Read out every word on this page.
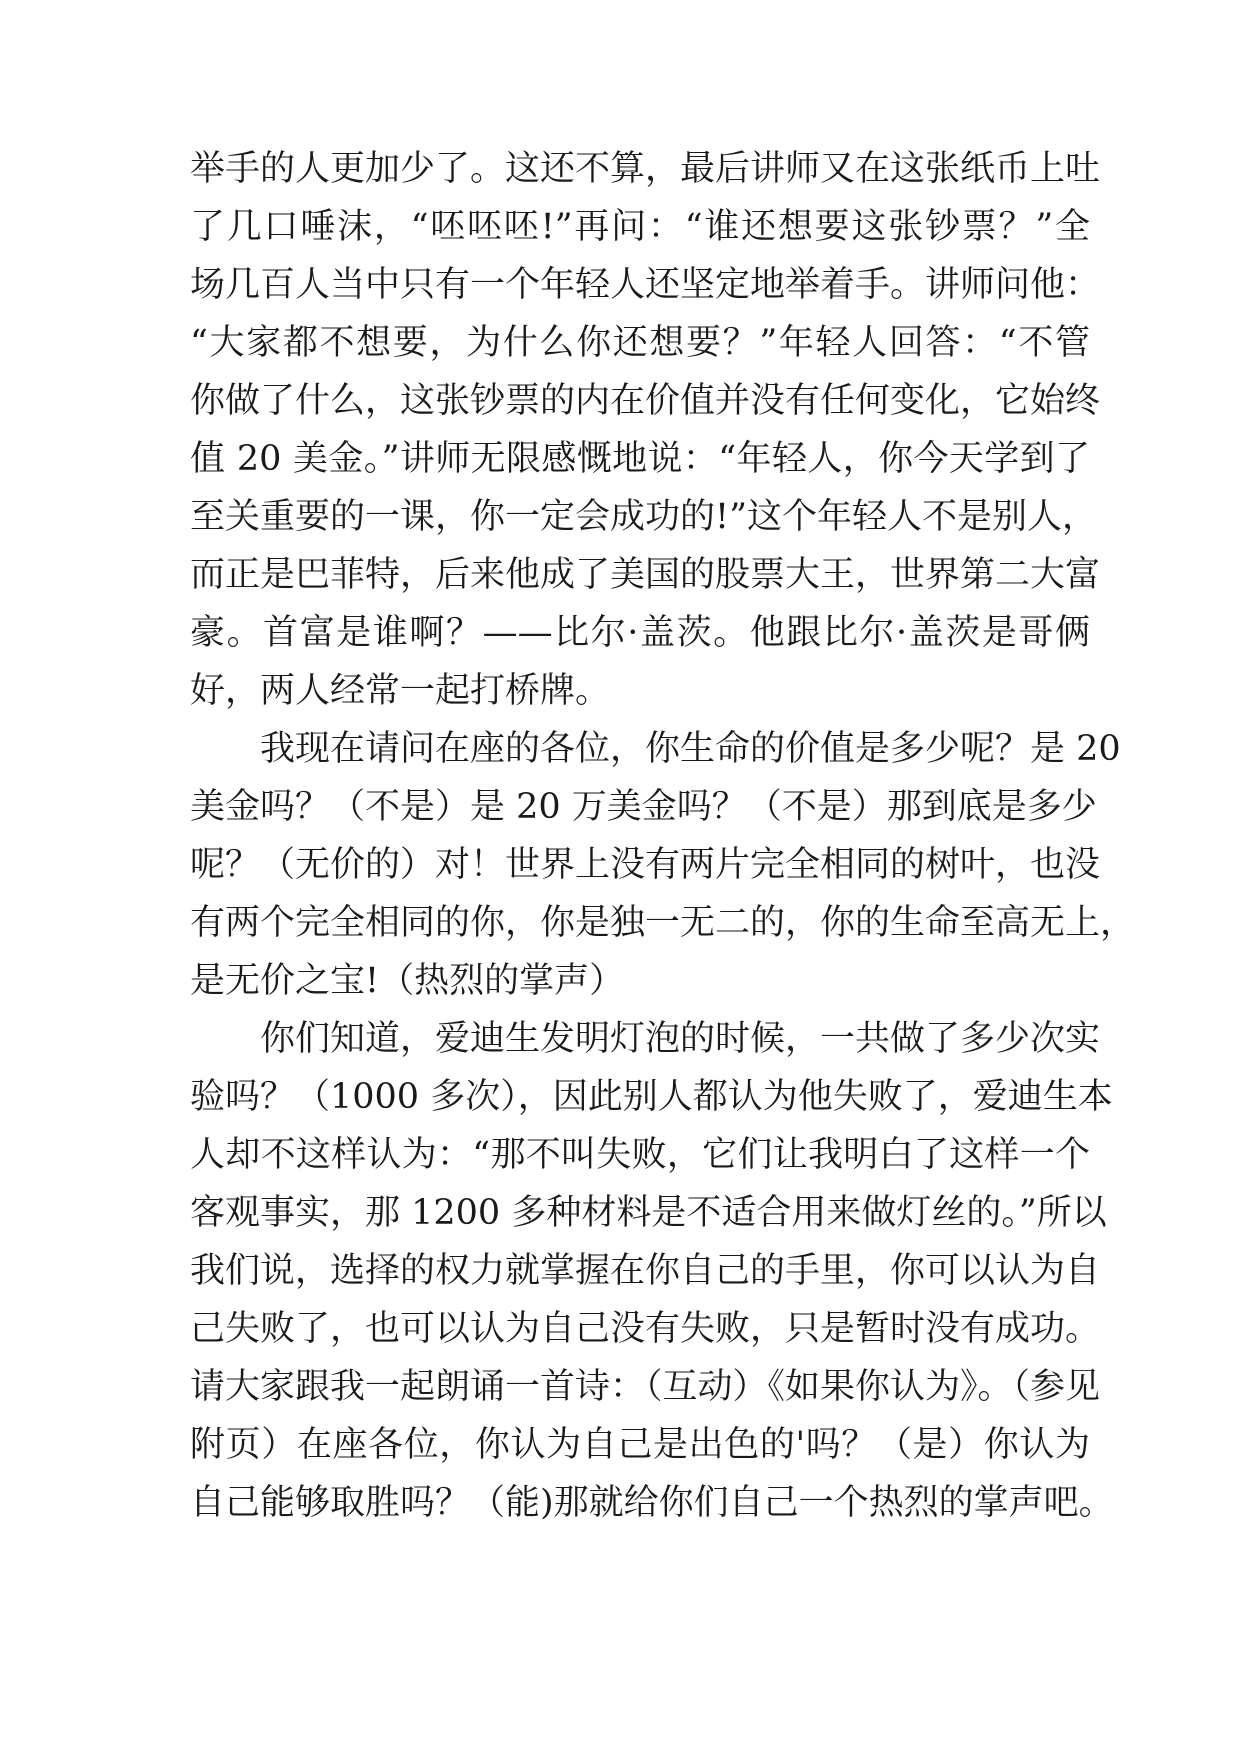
举手的人更加少了。这还不算，最后讲师又在这张纸币上吐
了几口唾沫，“呸呸呸!”再问：“谁还想要这张钞票？”全
场几百人当中只有一个年轻人还坚定地举着手。讲师问他：
“大家都不想要，为什么你还想要？”年轻人回答：“不管
你做了什么，这张钞票的内在价值并没有任何变化，它始终
值 20 美金。”讲师无限感慨地说：“年轻人，你今天学到了
至关重要的一课，你一定会成功的!”这个年轻人不是别人，
而正是巴菲特，后来他成了美国的股票大王，世界第二大富
豪。首富是谁啊？——比尔·盖茨。他跟比尔·盖茨是哥俩
好，两人经常一起打桥牌。
　　我现在请问在座的各位，你生命的价值是多少呢？是 20
美金吗？（不是）是 20 万美金吗？（不是）那到底是多少
呢？（无价的）对！世界上没有两片完全相同的树叶，也没
有两个完全相同的你，你是独一无二的，你的生命至高无上，
是无价之宝!（热烈的掌声）
　　你们知道，爱迪生发明灯泡的时候，一共做了多少次实
验吗？（1000 多次），因此别人都认为他失败了，爱迪生本
人却不这样认为：“那不叫失败，它们让我明白了这样一个
客观事实，那 1200 多种材料是不适合用来做灯丝的。”所以
我们说，选择的权力就掌握在你自己的手里，你可以认为自
己失败了，也可以认为自己没有失败，只是暂时没有成功。
请大家跟我一起朗诵一首诗：（互动）《如果你认为》。（参见
附页）在座各位，你认为自己是出色的'吗？（是）你认为
自己能够取胜吗？（能)那就给你们自己一个热烈的掌声吧。
